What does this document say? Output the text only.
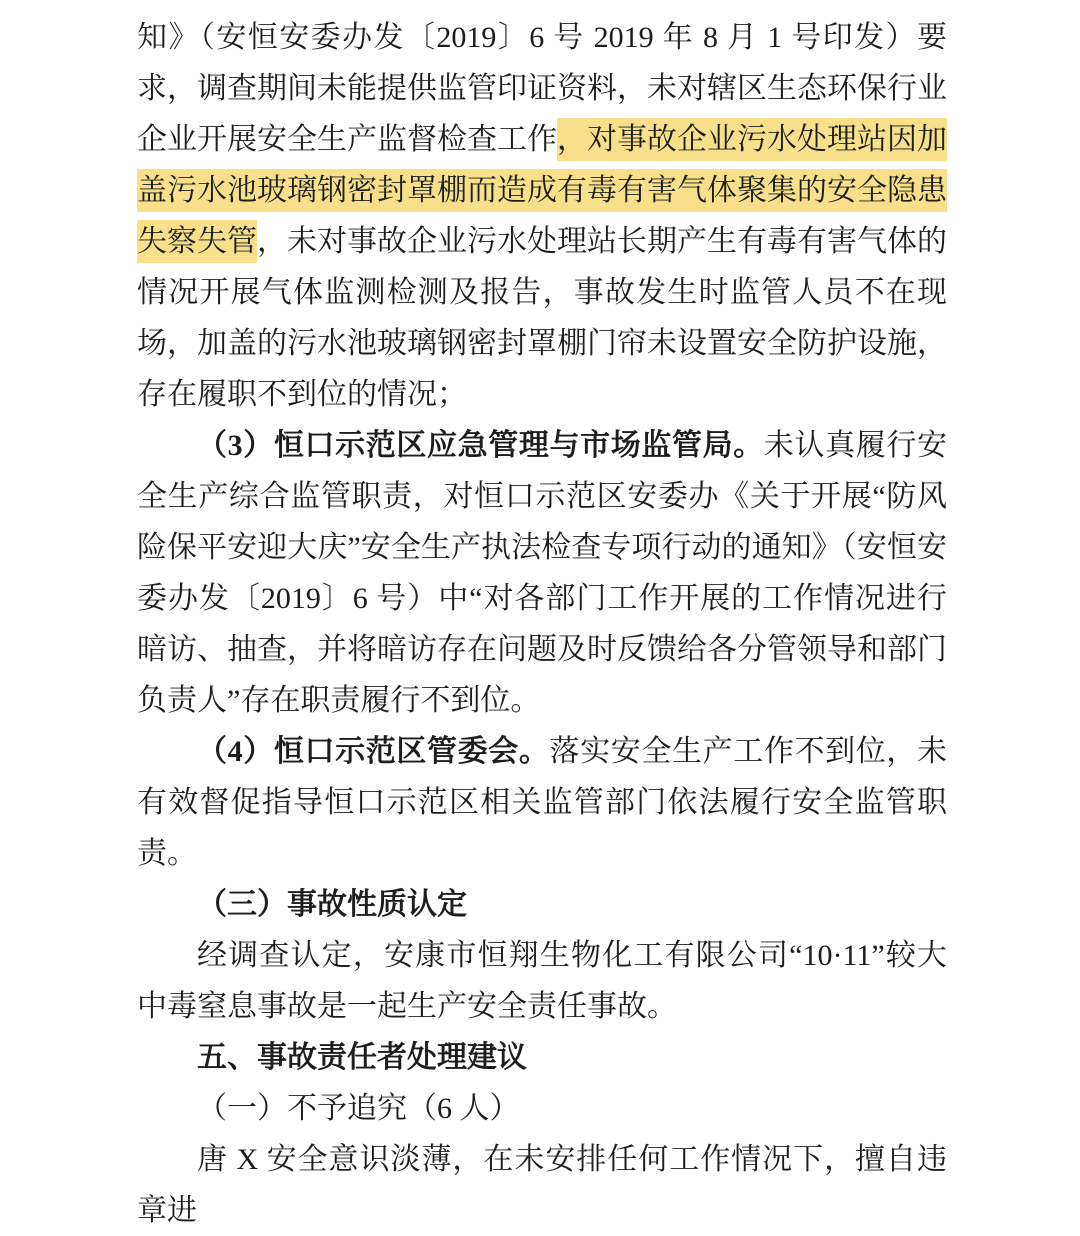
知》（安恒安委办发〔2019〕6 号 2019 年 8 月 1 号印发）要求，调查期间未能提供监管印证资料，未对辖区生态环保行业企业开展安全生产监督检查工作，对事故企业污水处理站因加盖污水池玻璃钢密封罩棚而造成有毒有害气体聚集的安全隐患失察失管，未对事故企业污水处理站长期产生有毒有害气体的情况开展气体监测检测及报告，事故发生时监管人员不在现场，加盖的污水池玻璃钢密封罩棚门帘未设置安全防护设施，存在履职不到位的情况；

（3）恒口示范区应急管理与市场监管局。未认真履行安全生产综合监管职责，对恒口示范区安委办《关于开展“防风险保平安迎大庆”安全生产执法检查专项行动的通知》（安恒安委办发〔2019〕6 号）中“对各部门工作开展的工作情况进行暗访、抽查，并将暗访存在问题及时反馈给各分管领导和部门负责人”存在职责履行不到位。

（4）恒口示范区管委会。落实安全生产工作不到位，未有效督促指导恒口示范区相关监管部门依法履行安全监管职责。

（三）事故性质认定

经调查认定，安康市恒翔生物化工有限公司“10·11”较大中毒窒息事故是一起生产安全责任事故。

五、事故责任者处理建议

（一）不予追究（6 人）

唐 X 安全意识淡薄，在未安排任何工作情况下，擅自违章进
